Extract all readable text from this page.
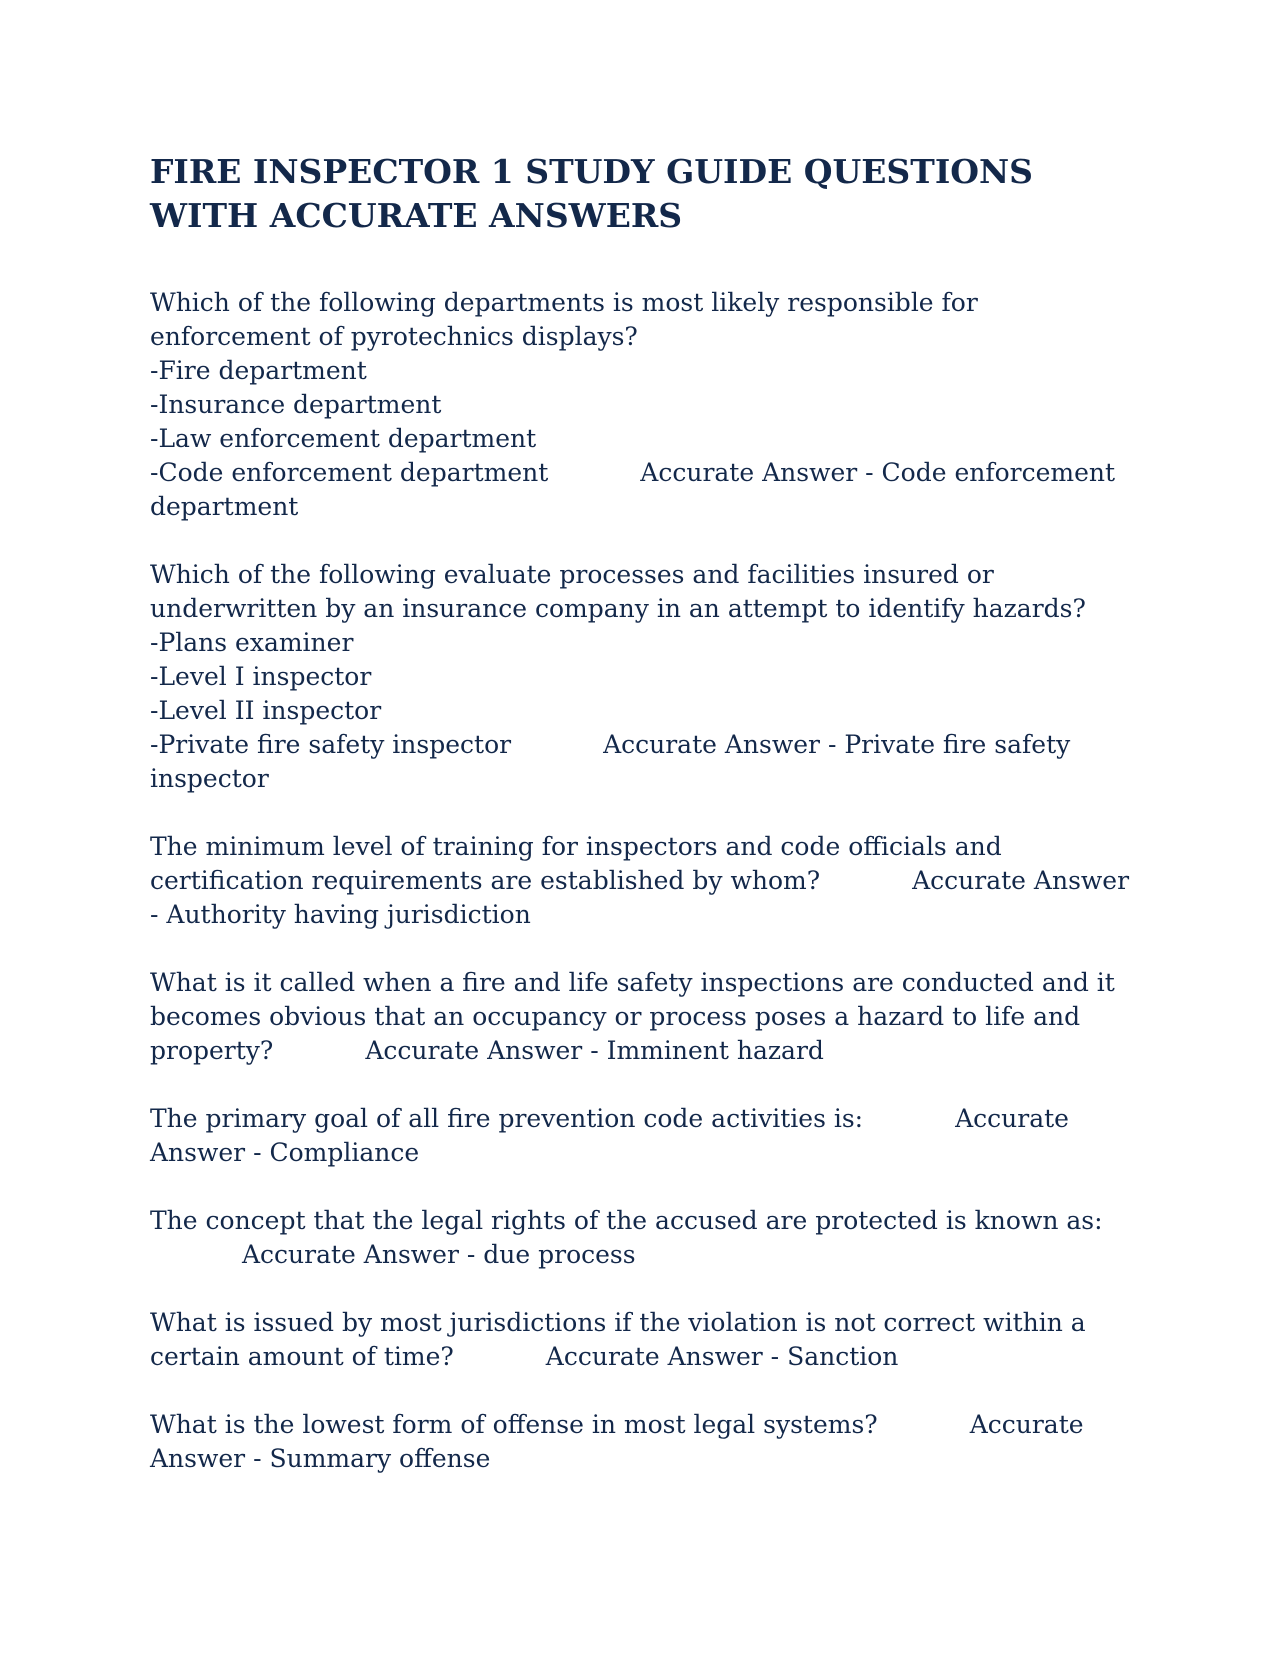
FIRE INSPECTOR 1 STUDY GUIDE QUESTIONS WITH ACCURATE ANSWERS
Which of the following departments is most likely responsible for enforcement of pyrotechnics displays?
-Fire department
-Insurance department
-Law enforcement department
-Code enforcement department	Accurate Answer - Code enforcement department
Which of the following evaluate processes and facilities insured or underwritten by an insurance company in an attempt to identify hazards?
-Plans examiner
-Level I inspector
-Level II inspector
-Private fire safety inspector	Accurate Answer - Private fire safety inspector
The minimum level of training for inspectors and code officials and certification requirements are established by whom?	Accurate Answer - Authority having jurisdiction
What is it called when a fire and life safety inspections are conducted and it becomes obvious that an occupancy or process poses a hazard to life and property?	Accurate Answer - Imminent hazard
The primary goal of all fire prevention code activities is:	Accurate Answer - Compliance
The concept that the legal rights of the accused are protected is known as:Accurate Answer - due process
What is issued by most jurisdictions if the violation is not correct within a certain amount of time?	Accurate Answer - Sanction
What is the lowest form of offense in most legal systems?	Accurate Answer - Summary offense
